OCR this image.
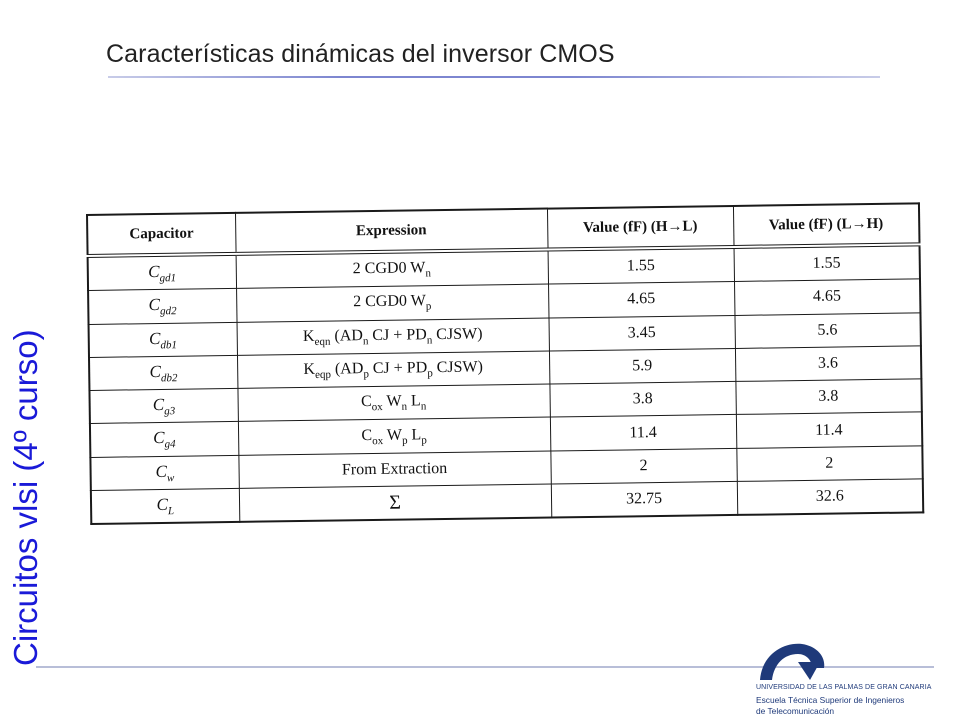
Características dinámicas del inversor CMOS
Circuitos vlsi (4º curso)
Capacitor	Expression	Value (fF) (H→L)	Value (fF) (L→H)
$C_{gd1}$	2 CGD0 $W_n$	1.55	1.55
$C_{gd2}$	2 CGD0 $W_p$	4.65	4.65
$C_{db1}$	$K_{eqn}$ ($AD_n$ CJ + $PD_n$ CJSW)	3.45	5.6
$C_{db2}$	$K_{eqp}$ ($AD_p$ CJ + $PD_p$ CJSW)	5.9	3.6
$C_{g3}$	$C_{ox}$ $W_n$ $L_n$	3.8	3.8
$C_{g4}$	$C_{ox}$ $W_p$ $L_p$	11.4	11.4
$C_w$	From Extraction	2	2
$C_L$	Σ	32.75	32.6
UNIVERSIDAD DE LAS PALMAS DE GRAN CANARIA
Escuela Técnica Superior de Ingenieros
de Telecomunicación
